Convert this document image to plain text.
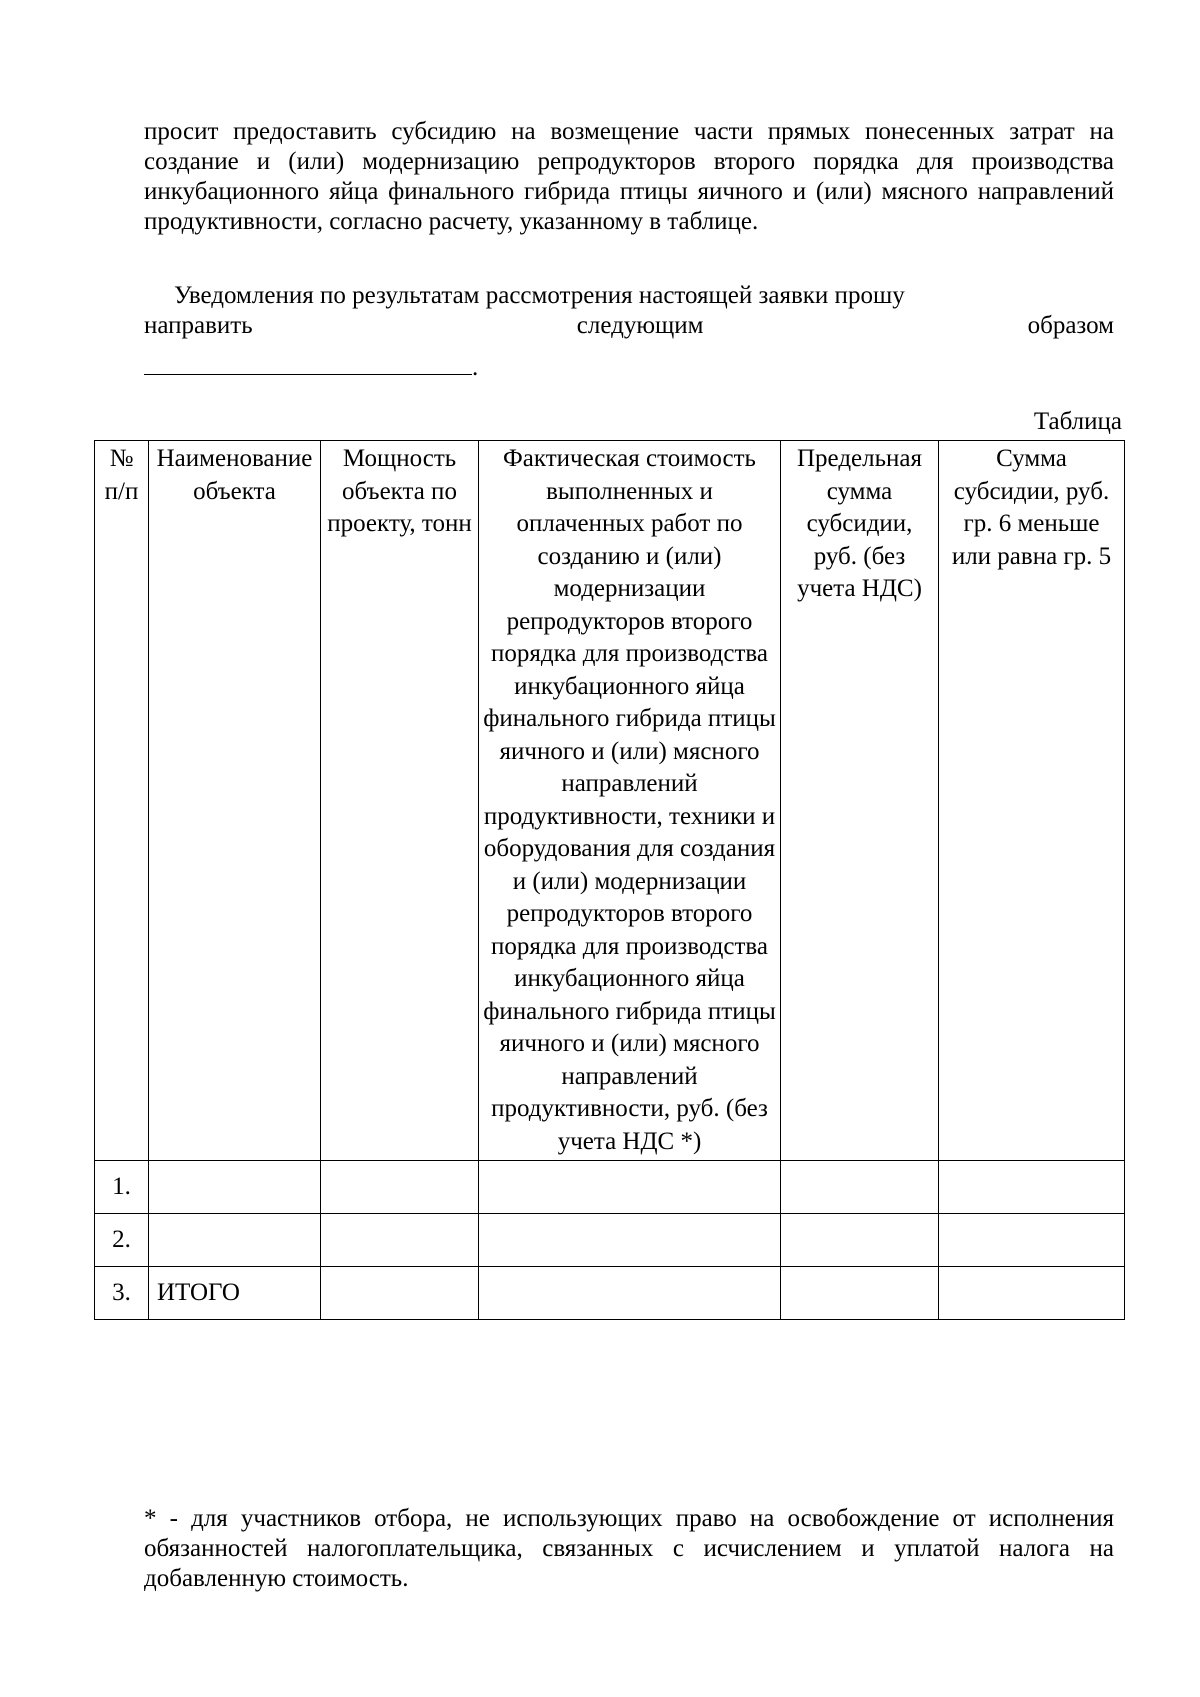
просит предоставить субсидию на возмещение части прямых понесенных затрат на создание и (или) модернизацию репродукторов второго порядка для производства инкубационного яйца финального гибрида птицы яичного и (или) мясного направлений продуктивности, согласно расчету, указанному в таблице.
Уведомления по результатам рассмотрения настоящей заявки прошу
направить	следующим	образом
.
Таблица
№ п/п	Наименование объекта	Мощность объекта по проекту, тонн	Фактическая стоимость выполненных и оплаченных работ по созданию и (или) модернизации репродукторов второго порядка для производства инкубационного яйца финального гибрида птицы яичного и (или) мясного направлений продуктивности, техники и оборудования для создания и (или) модернизации репродукторов второго порядка для производства инкубационного яйца финального гибрида птицы яичного и (или) мясного направлений продуктивности, руб. (без учета НДС *)	Предельная сумма субсидии, руб. (без учета НДС)	Сумма субсидии, руб. гр. 6 меньше или равна гр. 5
1.					
2.					
3.	ИТОГО				
* - для участников отбора, не использующих право на освобождение от исполнения обязанностей налогоплательщика, связанных с исчислением и уплатой налога на добавленную стоимость.
